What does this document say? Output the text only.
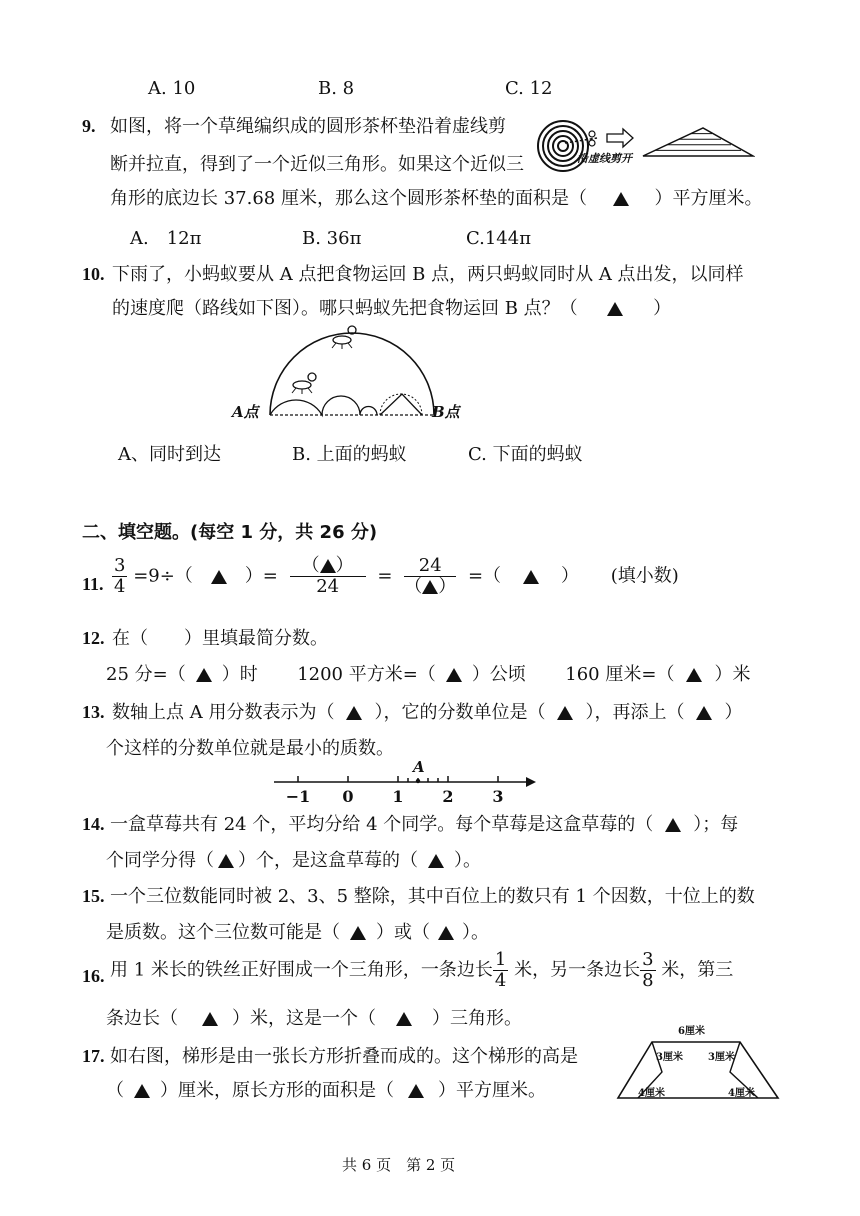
A. 10	B. 8	C. 12
9. 如图，将一个草绳编织成的圆形茶杯垫沿着虚线剪
断并拉直，得到了一个近似三角形。如果这个近似三
角形的底边长 37.68 厘米，那么这个圆形茶杯垫的面积是（	）平方厘米。
沿虚线剪开
A.　12π	B. 36π	C.144π
10. 下雨了，小蚂蚁要从 A 点把食物运回 B 点，两只蚂蚁同时从 A 点出发，以同样
的速度爬（路线如下图）。哪只蚂蚁先把食物运回 B 点？（	）
A点	B点
A、同时到达	B. 上面的蚂蚁	C. 下面的蚂蚁
二、填空题。(每空 1 分，共 26 分)
11. $\frac{3}{4} =9\div$（	）= $\frac{( )}{24} = \frac{24}{( )}$ =（	） (填小数)
12. 在（　　）里填最简分数。
25 分=（ ）时 1200 平方米=（ ）公顷 160 厘米=（ ）米
13. 数轴上点 A 用分数表示为（ ），它的分数单位是（ ），再添上（ ）
个这样的分数单位就是最小的质数。
A
−1 0 1 2 3
14. 一盒草莓共有 24 个，平均分给 4 个同学。每个草莓是这盒草莓的（ ）；每
个同学分得（ ）个，是这盒草莓的（ ）。
15. 一个三位数能同时被 2、3、5 整除，其中百位上的数只有 1 个因数，十位上的数
是质数。这个三位数可能是（ ）或（ ）。
16. 用 1 米长的铁丝正好围成一个三角形，一条边长 $\frac{1}{4}$ 米，另一条边长 $\frac{3}{8}$ 米，第三
条边长（	）米，这是一个（	）三角形。
17. 如右图，梯形是由一张长方形折叠而成的。这个梯形的高是
（ ）厘米，原长方形的面积是（ ）平方厘米。
6厘米
3厘米	3厘米
4厘米	4厘米
共 6 页　第 2 页
